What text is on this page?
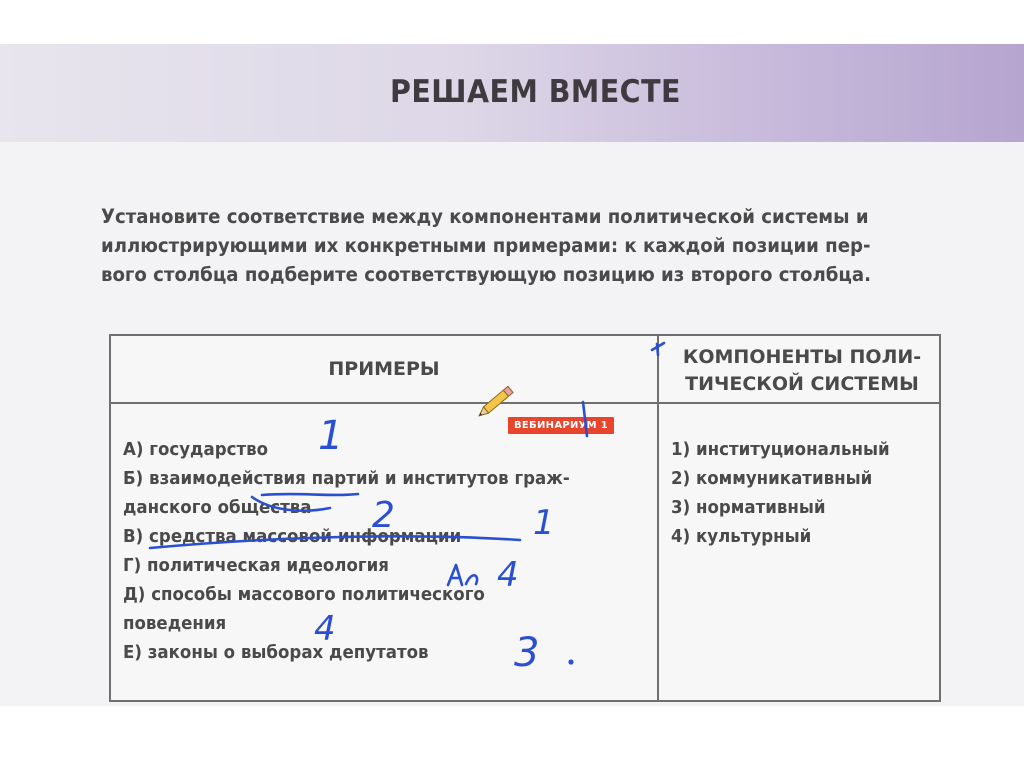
РЕШАЕМ ВМЕСТЕ
Установите соответствие между компонентами политической системы и
иллюстрирующими их конкретными примерами: к каждой позиции пер-
вого столбца подберите соответствующую позицию из второго столбца.
ПРИМЕРЫ
КОМПОНЕНТЫ ПОЛИ-
ТИЧЕСКОЙ СИСТЕМЫ
А) государство
Б) взаимодействия партий и институтов граж-
данского общества
В) средства массовой информации
Г) политическая идеология
Д) способы массового политического
поведения
Е) законы о выборах депутатов
1) институциональный
2) коммуникативный
3) нормативный
4) культурный
ВЕБИНАРИУМ 1
1
2	1
4
4
3
